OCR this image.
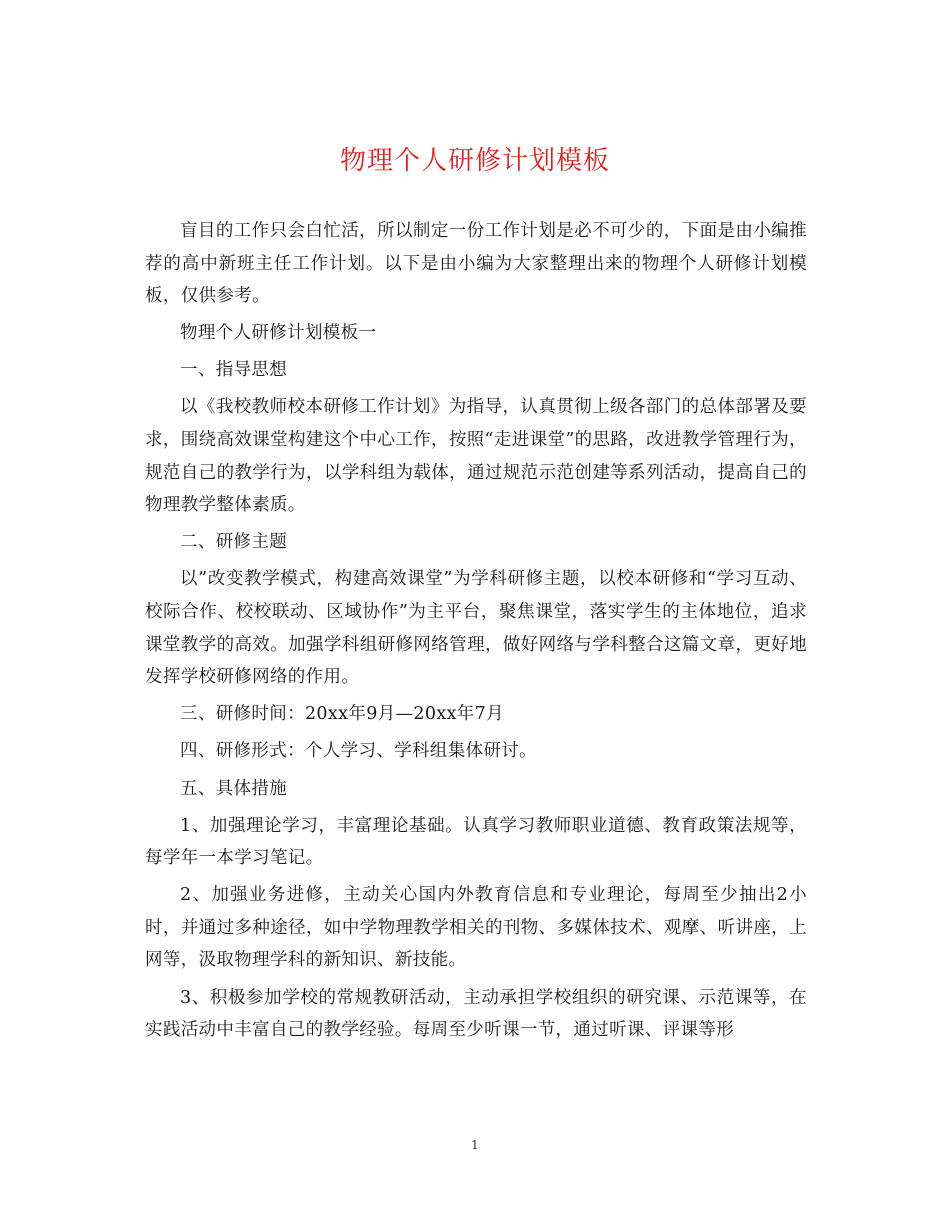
物理个人研修计划模板

盲目的工作只会白忙活，所以制定一份工作计划是必不可少的，下面是由小编推荐的高中新班主任工作计划。以下是由小编为大家整理出来的物理个人研修计划模板，仅供参考。

物理个人研修计划模板一

一、指导思想

以《我校教师校本研修工作计划》为指导，认真贯彻上级各部门的总体部署及要求，围绕高效课堂构建这个中心工作，按照“走进课堂”的思路，改进教学管理行为，规范自己的教学行为，以学科组为载体，通过规范示范创建等系列活动，提高自己的物理教学整体素质。

二、研修主题

以”改变教学模式，构建高效课堂”为学科研修主题，以校本研修和“学习互动、校际合作、校校联动、区域协作”为主平台，聚焦课堂，落实学生的主体地位，追求课堂教学的高效。加强学科组研修网络管理，做好网络与学科整合这篇文章，更好地发挥学校研修网络的作用。

三、研修时间：20xx年9月—20xx年7月

四、研修形式：个人学习、学科组集体研讨。

五、具体措施

1、加强理论学习，丰富理论基础。认真学习教师职业道德、教育政策法规等，每学年一本学习笔记。

2、加强业务进修，主动关心国内外教育信息和专业理论，每周至少抽出2小时，并通过多种途径，如中学物理教学相关的刊物、多媒体技术、观摩、听讲座，上网等，汲取物理学科的新知识、新技能。

3、积极参加学校的常规教研活动，主动承担学校组织的研究课、示范课等，在实践活动中丰富自己的教学经验。每周至少听课一节，通过听课、评课等形

1
